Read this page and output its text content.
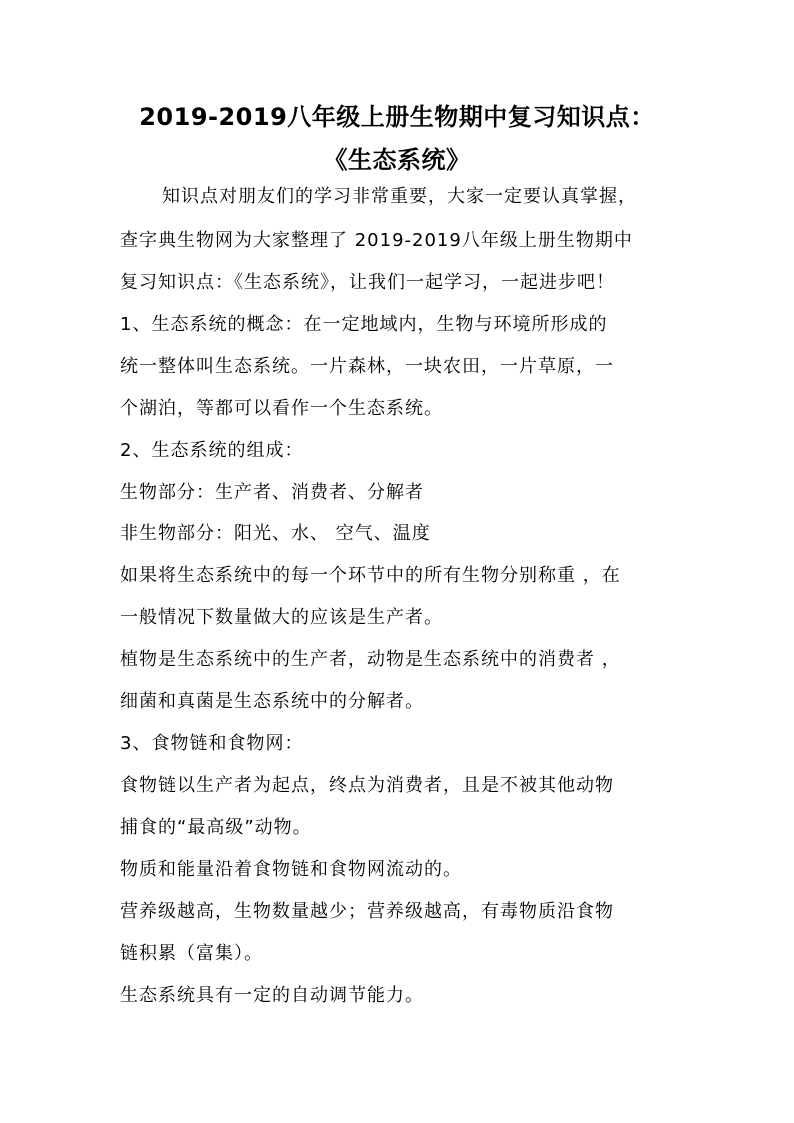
2019-2019八年级上册生物期中复习知识点：
《生态系统》
知识点对朋友们的学习非常重要，大家一定要认真掌握，
查字典生物网为大家整理了 2019-2019八年级上册生物期中
复习知识点：《生态系统》，让我们一起学习，一起进步吧！
1、生态系统的概念：在一定地域内，生物与环境所形成的
统一整体叫生态系统。一片森林，一块农田，一片草原，一
个湖泊，等都可以看作一个生态系统。
2、生态系统的组成：
生物部分：生产者、消费者、分解者
非生物部分：阳光、水、 空气、温度
如果将生态系统中的每一个环节中的所有生物分别称重 ，在
一般情况下数量做大的应该是生产者。
植物是生态系统中的生产者，动物是生态系统中的消费者 ，
细菌和真菌是生态系统中的分解者。
3、食物链和食物网：
食物链以生产者为起点，终点为消费者，且是不被其他动物
捕食的“最高级”动物。
物质和能量沿着食物链和食物网流动的。
营养级越高，生物数量越少；营养级越高，有毒物质沿食物
链积累（富集）。
生态系统具有一定的自动调节能力。
